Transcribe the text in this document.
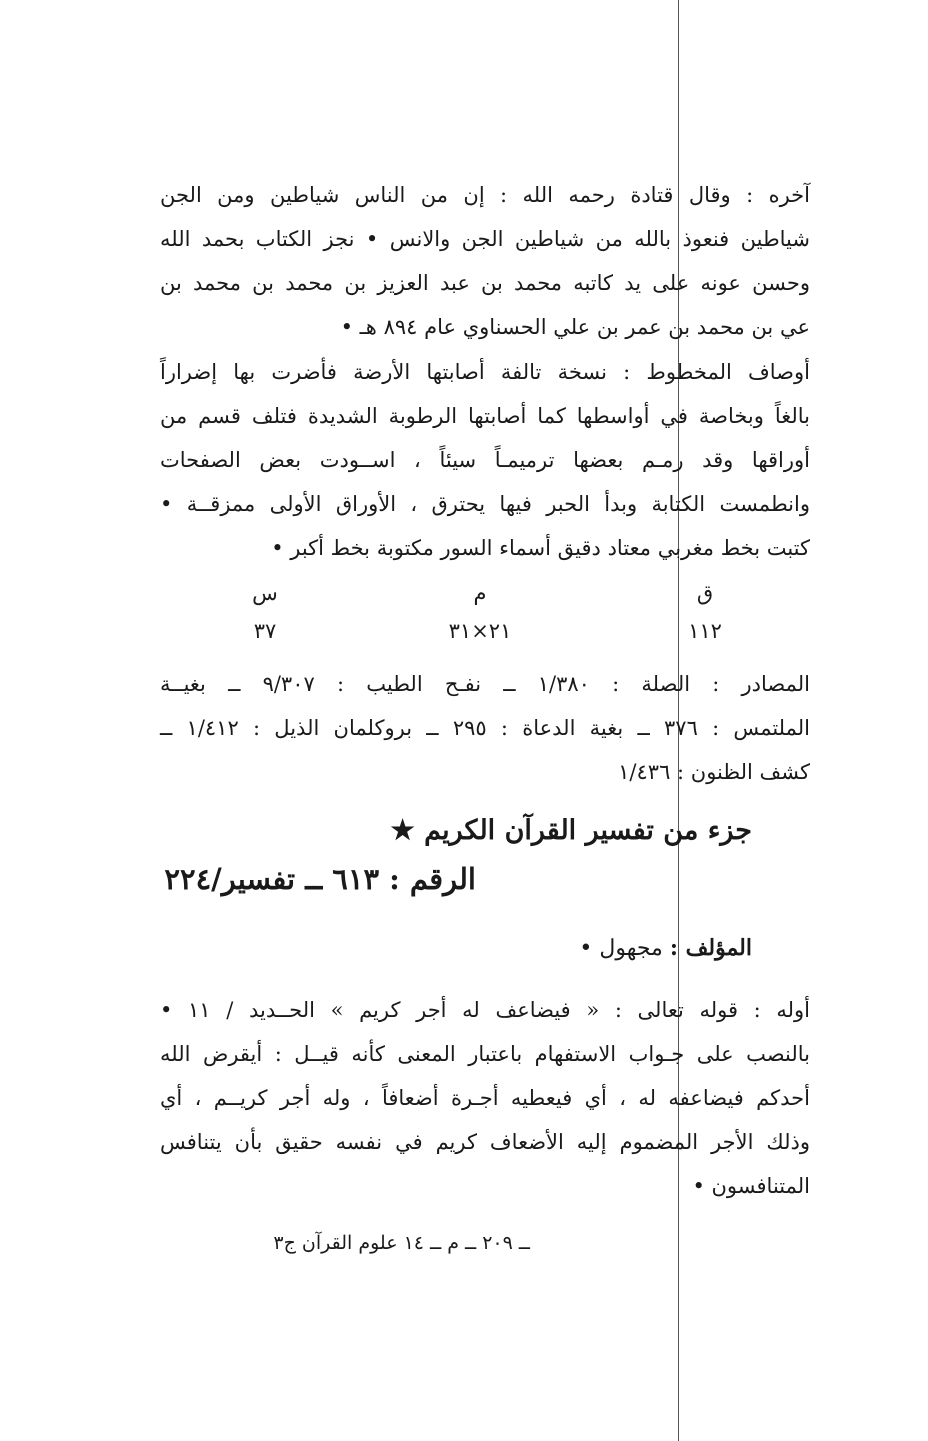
آخره : وقال قتادة رحمه الله : إن من الناس شياطين ومن الجن
شياطين فنعوذ بالله من شياطين الجن والانس • نجز الكتاب بحمد الله
وحسن عونه على يد كاتبه محمد بن عبد العزيز بن محمد بن محمد بن
عي بن محمد بن عمر بن علي الحسناوي عام ٨٩٤ هـ •
أوصاف المخطوط : نسخة تالفة أصابتها الأرضة فأضرت بها إضراراً
بالغاً وبخاصة في أواسطها كما أصابتها الرطوبة الشديدة فتلف قسم من
أوراقها وقد رمـم بعضها ترميمـاً سيئاً ، اســودت بعض الصفحات
وانطمست الكتابة وبدأ الحبر فيها يحترق ، الأوراق الأولى ممزقــة •
كتبت بخط مغربي معتاد دقيق أسماء السور مكتوبة بخط أكبر •
ق
م
س
١١٢
٢١×٣١
٣٧
المصادر : الصلة : ١/٣٨٠ ــ نفـح الطيب : ٩/٣٠٧ ــ بغيــة
الملتمس : ٣٧٦ ــ بغية الدعاة : ٢٩٥ ــ بروكلمان الذيل : ١/٤١٢ ــ
كشف الظنون : ١/٤٣٦
جزء من تفسير القرآن الكريم ★
الرقم : ٦١٣ ــ تفسير/٢٢٤
المؤلف : مجهول •
أوله : قوله تعالى : « فيضاعف له أجر كريم » الحــديد / ١١ •
بالنصب على جـواب الاستفهام باعتبار المعنى كأنه قيــل : أيقرض الله
أحدكم فيضاعفه له ، أي فيعطيه أجـرة أضعافاً ، وله أجر كريــم ، أي
وذلك الأجر المضموم إليه الأضعاف كريم في نفسه حقيق بأن يتنافس
المتنافسون •
ــ ٢٠٩ ــ م ــ ١٤ علوم القرآن ج٣
